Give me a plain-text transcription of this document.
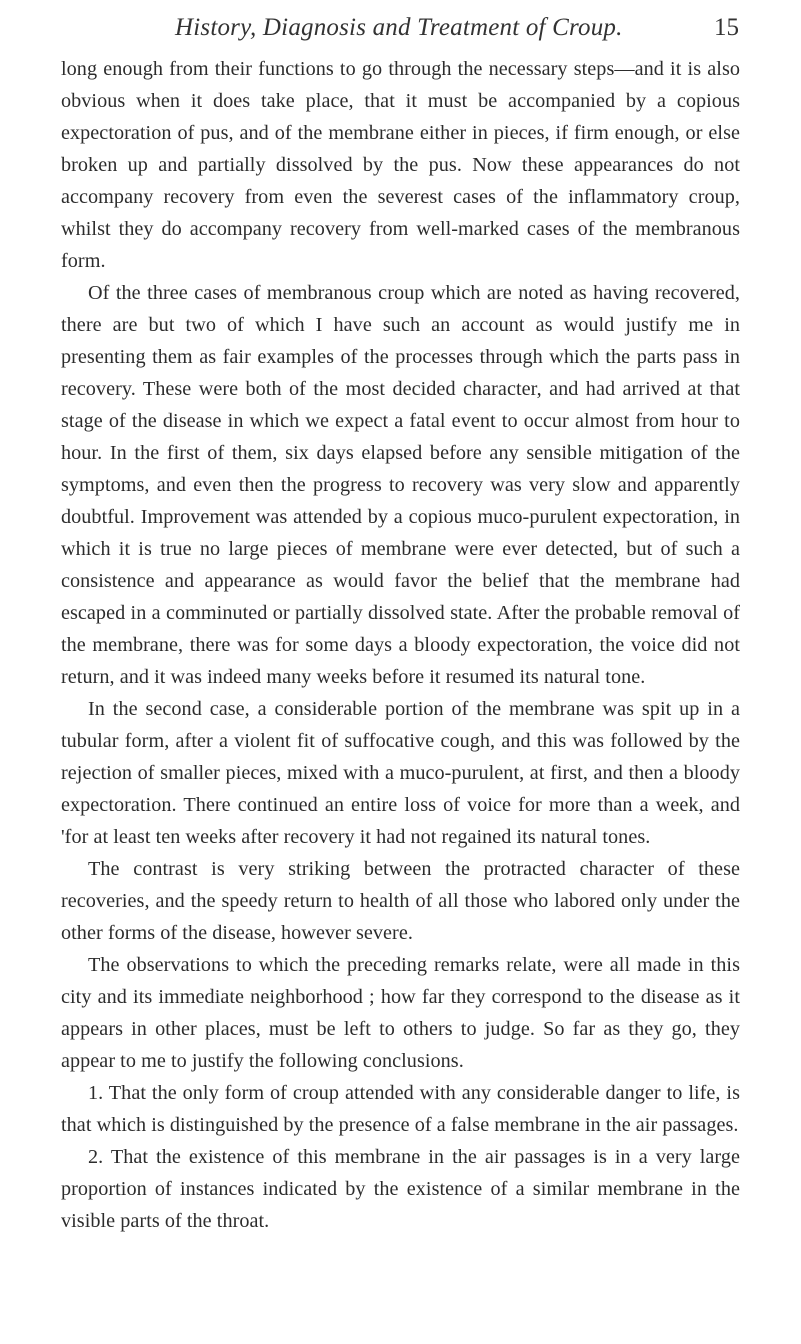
History, Diagnosis and Treatment of Croup.	15

long enough from their functions to go through the necessary steps—and it is also obvious when it does take place, that it must be accompanied by a copious expectoration of pus, and of the membrane either in pieces, if firm enough, or else broken up and partially dissolved by the pus. Now these appearances do not accompany recovery from even the severest cases of the inflammatory croup, whilst they do accompany recovery from well-marked cases of the membranous form.

Of the three cases of membranous croup which are noted as having recovered, there are but two of which I have such an account as would justify me in presenting them as fair examples of the processes through which the parts pass in recovery. These were both of the most decided character, and had arrived at that stage of the disease in which we expect a fatal event to occur almost from hour to hour. In the first of them, six days elapsed before any sensible mitigation of the symptoms, and even then the progress to recovery was very slow and apparently doubtful. Improvement was attended by a copious muco-purulent expectoration, in which it is true no large pieces of membrane were ever detected, but of such a consistence and appearance as would favor the belief that the membrane had escaped in a comminuted or partially dissolved state. After the probable removal of the membrane, there was for some days a bloody expectoration, the voice did not return, and it was indeed many weeks before it resumed its natural tone.

In the second case, a considerable portion of the membrane was spit up in a tubular form, after a violent fit of suffocative cough, and this was followed by the rejection of smaller pieces, mixed with a muco-purulent, at first, and then a bloody expectoration. There continued an entire loss of voice for more than a week, and 'for at least ten weeks after recovery it had not regained its natural tones.

The contrast is very striking between the protracted character of these recoveries, and the speedy return to health of all those who labored only under the other forms of the disease, however severe.

The observations to which the preceding remarks relate, were all made in this city and its immediate neighborhood ; how far they correspond to the disease as it appears in other places, must be left to others to judge. So far as they go, they appear to me to justify the following conclusions.

1. That the only form of croup attended with any considerable danger to life, is that which is distinguished by the presence of a false membrane in the air passages.

2. That the existence of this membrane in the air passages is in a very large proportion of instances indicated by the existence of a similar membrane in the visible parts of the throat.
